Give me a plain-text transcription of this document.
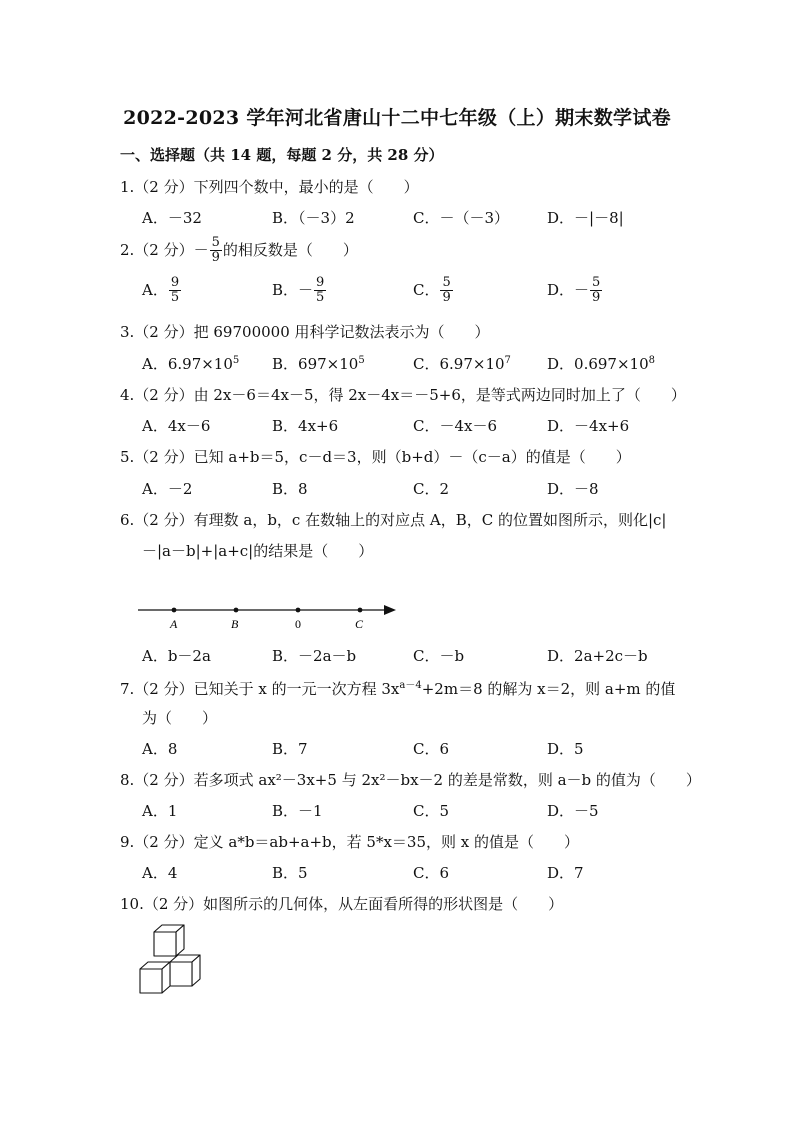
2022-2023 学年河北省唐山十二中七年级（上）期末数学试卷
一、选择题（共 14 题，每题 2 分，共 28 分）
1.（2 分）下列四个数中，最小的是（　　）
A．－32	B．（－3）2	C．－（－3）	D．－|－8|
2.（2 分）－ $\frac{5}{9}$ 的相反数是（　　）
A． $\frac{9}{5}$	B．－ $\frac{9}{5}$	C． $\frac{5}{9}$	D．－ $\frac{5}{9}$
3.（2 分）把 69700000 用科学记数法表示为（　　）
A．$6.97\times 10^5$ B．$697\times 10^5$	C．$6.97\times 10^7$ D．$0.697\times 10^8$
4.（2 分）由 2x－6＝4x－5，得 2x－4x＝－5+6，是等式两边同时加上了（　　）
A．4x－6	B．4x+6	C．－4x－6	D．－4x+6
5.（2 分）已知 a+b＝5，c－d＝3，则（b+d）－（c－a）的值是（　　）
A．－2	B．8	C．2	D．－8
6.（2 分）有理数 a，b，c 在数轴上的对应点 A，B，C 的位置如图所示，则化|c|
－|a－b|+|a+c|的结果是（　　）
A	B	0	C
A．b－2a	B．－2a－b	C．－b	D．2a+2c－b
7.（2 分）已知关于 x 的一元一次方程 $3x^{a-4}+2m=8$ 的解为 x＝2，则 a+m 的值
为（　　）
A．8	B．7	C．6	D．5
8.（2 分）若多项式 ax²－3x+5 与 2x²－bx－2 的差是常数，则 a－b 的值为（　　）
A．1	B．－1	C．5	D．－5
9.（2 分）定义 a*b＝ab+a+b，若 5*x＝35，则 x 的值是（　　）
A．4	B．5	C．6	D．7
10.（2 分）如图所示的几何体，从左面看所得的形状图是（　　）
